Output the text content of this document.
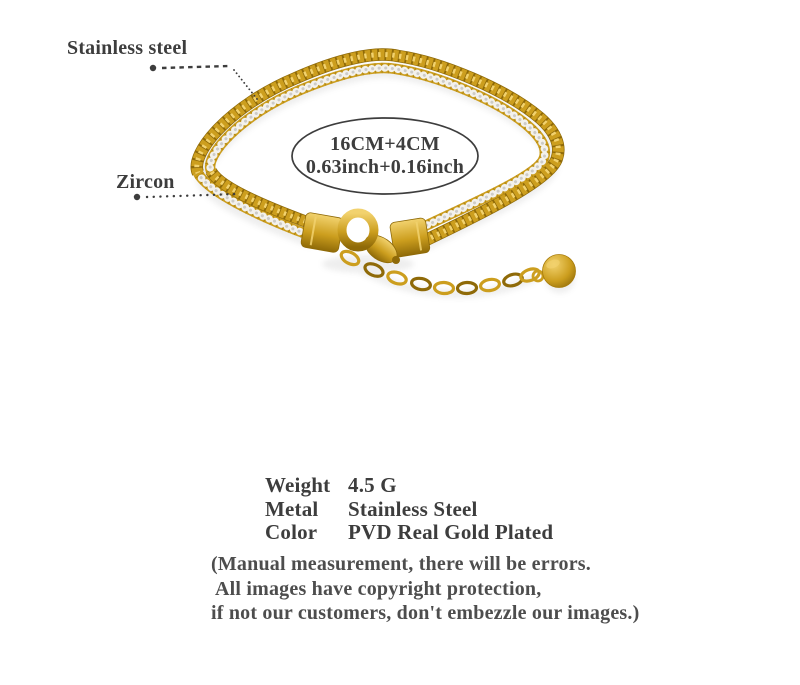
Stainless steel
Zircon
16CM+4CM
0.63inch+0.16inch
Weight 4.5 G
Metal	Stainless Steel
Color	PVD Real Gold Plated
(Manual measurement, there will be errors.
All images have copyright protection,
if not our customers, don't embezzle our images.)
